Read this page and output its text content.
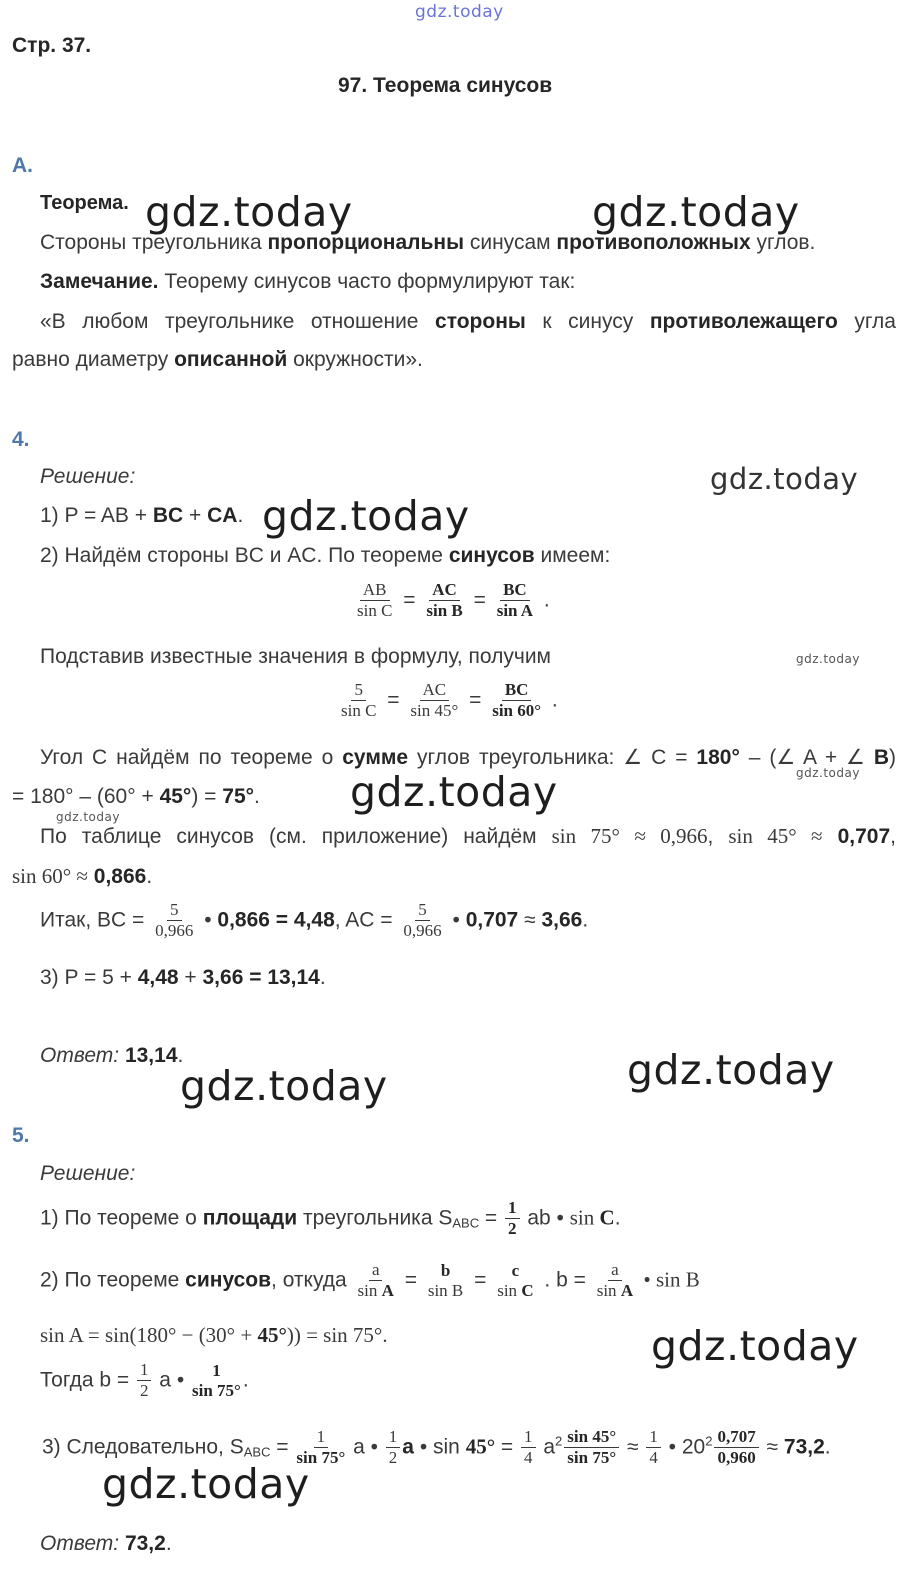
gdz.today
Стр. 37.
97. Теорема синусов
A.
Теорема.
Стороны треугольника пропорциональны синусам противоположных углов.
Замечание. Теорему синусов часто формулируют так:
«В любом треугольнике отношение стороны к синусу противолежащего угла
равно диаметру описанной окружности».
4.
Решение:
1) P = AB + BC + CA.
2) Найдём стороны BC и AC. По теореме синусов имеем:
$\frac{AB}{\text{sin C}} = \frac{AC}{\text{sin B}} = \frac{BC}{\text{sin A}}$ .
Подставив известные значения в формулу, получим
$\frac{5}{\text{sin C}} = \frac{AC}{\sin 45^\circ} = \frac{BC}{\sin 60^\circ}$ .
Угол C найдём по теореме о сумме углов треугольника: ∠ C = 180° – (∠ A + ∠ B)
= 180° – (60° + 45°) = 75°.
По таблице синусов (см. приложение) найдём sin 75° ≈ 0,966, sin 45° ≈ 0,707,
sin 60° ≈ 0,866.
Итак, BC = $\frac{5}{0,966}$ • 0,866 = 4,48, AC = $\frac{5}{0,966}$ • 0,707 ≈ 3,66.
3) P = 5 + 4,48 + 3,66 = 13,14.
Ответ: 13,14.
5.
Решение:
1) По теореме о площади треугольника $S_{ABC} = \frac{1}{2}$ ab • sin C.
2) По теореме синусов, откуда $\frac{a}{\text{sin A}} = b$
sin B = c
sin C . $b = \frac{a}{\text{sin A}}$ • sin B
sin A = sin(180° − (30° + 45°)) = sin 75°.
Тогда $b = \frac{1}{2}$ a • 1
sin 75° .
3) Следовательно, $S_{ABC} = \frac{1}{\sin 75^\circ}$ a • $\frac{1}{2}$ a • $\sin 45^\circ = \frac{1}{4} a^2 \frac{\sin 45^\circ}{\sin 75^\circ} \approx \frac{1}{4}$ • $20^2 \frac{0,707}{0,960} \approx 73,2$.
Ответ: 73,2.
gdz.today	gdz.today
gdz.today
gdz.today
gdz.today
gdz.today
gdz.today
gdz.today
gdz.today
gdz.today
gdz.today
gdz.today
